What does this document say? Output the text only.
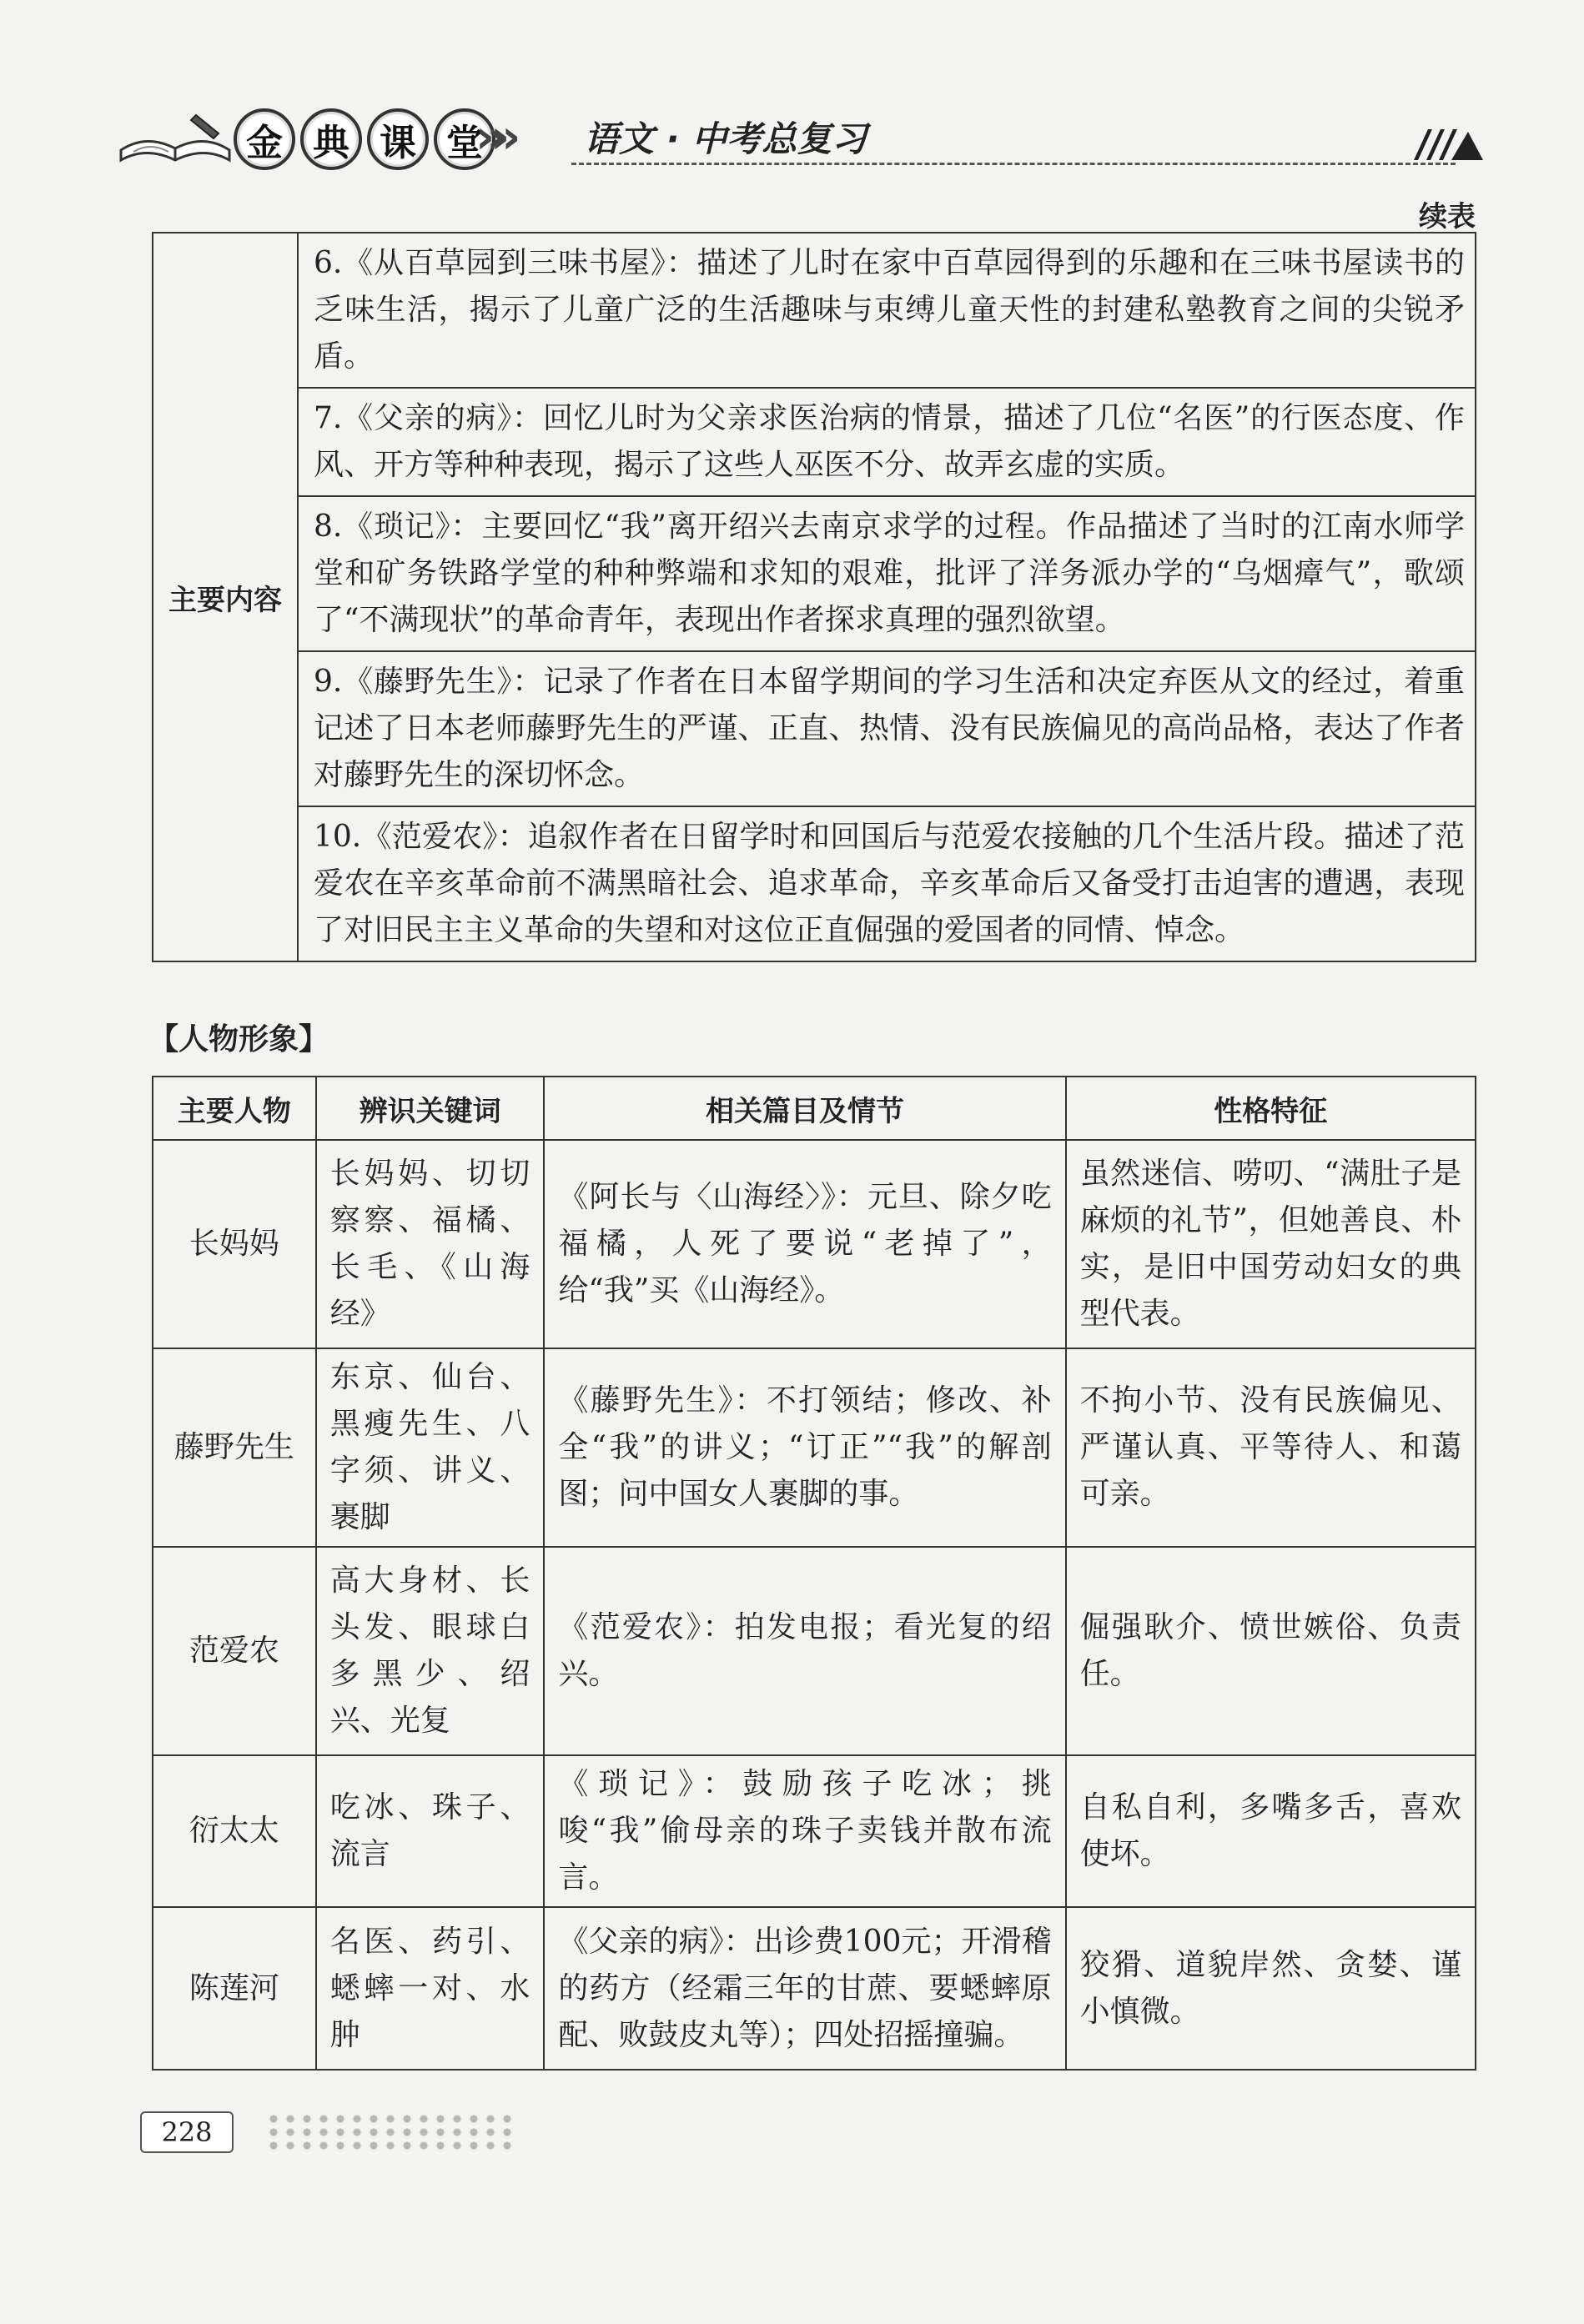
金 典 课 堂
»» 语文 · 中考总复习
续表
主要内容	6.《从百草园到三味书屋》：描述了儿时在家中百草园得到的乐趣和在三味书屋读书的乏味生活，揭示了儿童广泛的生活趣味与束缚儿童天性的封建私塾教育之间的尖锐矛盾。
7.《父亲的病》：回忆儿时为父亲求医治病的情景，描述了几位“名医”的行医态度、作风、开方等种种表现，揭示了这些人巫医不分、故弄玄虚的实质。
8.《琐记》：主要回忆“我”离开绍兴去南京求学的过程。作品描述了当时的江南水师学堂和矿务铁路学堂的种种弊端和求知的艰难，批评了洋务派办学的“乌烟瘴气”，歌颂了“不满现状”的革命青年，表现出作者探求真理的强烈欲望。
9.《藤野先生》：记录了作者在日本留学期间的学习生活和决定弃医从文的经过，着重记述了日本老师藤野先生的严谨、正直、热情、没有民族偏见的高尚品格，表达了作者对藤野先生的深切怀念。
10.《范爱农》：追叙作者在日留学时和回国后与范爱农接触的几个生活片段。描述了范爱农在辛亥革命前不满黑暗社会、追求革命，辛亥革命后又备受打击迫害的遭遇，表现了对旧民主主义革命的失望和对这位正直倔强的爱国者的同情、悼念。
【人物形象】
主要人物	辨识关键词	相关篇目及情节	性格特征
长妈妈	长妈妈、切切察察、福橘、长毛、《山海经》	《阿长与〈山海经〉》：元旦、除夕吃福橘，人死了要说“老掉了”，给“我”买《山海经》。	虽然迷信、唠叨、“满肚子是麻烦的礼节”，但她善良、朴实，是旧中国劳动妇女的典型代表。
藤野先生	东京、仙台、黑瘦先生、八字须、讲义、裹脚	《藤野先生》：不打领结；修改、补全“我”的讲义；“订正”“我”的解剖图；问中国女人裹脚的事。	不拘小节、没有民族偏见、严谨认真、平等待人、和蔼可亲。
范爱农	高大身材、长头发、眼球白多黑少、绍兴、光复	《范爱农》：拍发电报；看光复的绍兴。	倔强耿介、愤世嫉俗、负责任。
衍太太	吃冰、珠子、流言	《琐记》：鼓励孩子吃冰；挑唆“我”偷母亲的珠子卖钱并散布流言。	自私自利，多嘴多舌，喜欢使坏。
陈莲河	名医、药引、蟋蟀一对、水肿	《父亲的病》：出诊费100元；开滑稽的药方（经霜三年的甘蔗、要蟋蟀原配、败鼓皮丸等）；四处招摇撞骗。	狡猾、道貌岸然、贪婪、谨小慎微。
228
